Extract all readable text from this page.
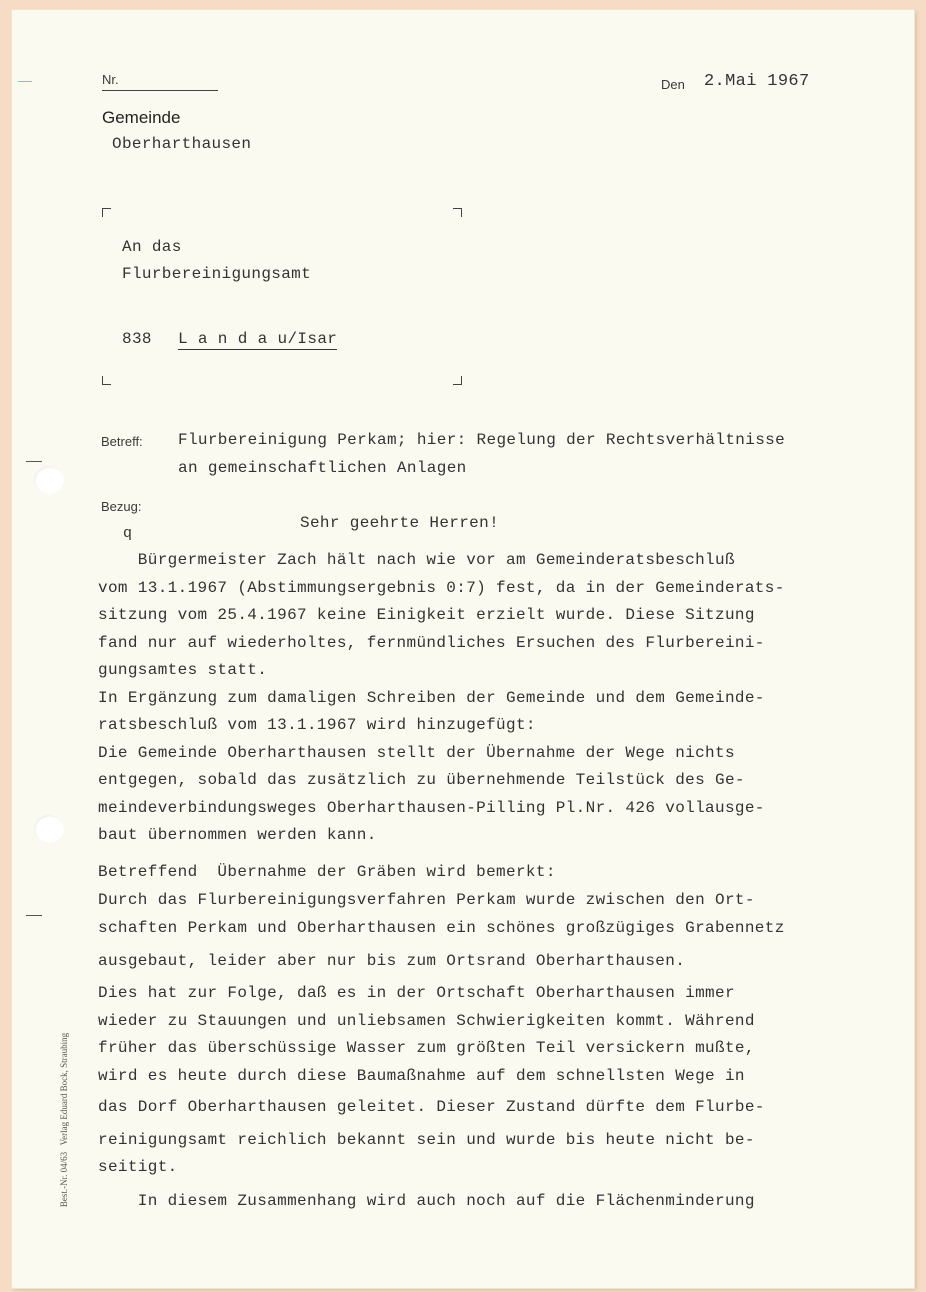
Nr.	Den 2.Mai 1967
Gemeinde
Oberharthausen
An das
Flurbereinigungsamt
838 L a n d a u/Isar
Betreff: Flurbereinigung Perkam; hier: Regelung der Rechtsverhältnisse
an gemeinschaftlichen Anlagen
Bezug:
q
Sehr geehrte Herren!
Bürgermeister Zach hält nach wie vor am Gemeinderatsbeschluß
vom 13.1.1967 (Abstimmungsergebnis 0:7) fest, da in der Gemeinderats-
sitzung vom 25.4.1967 keine Einigkeit erzielt wurde. Diese Sitzung
fand nur auf wiederholtes, fernmündliches Ersuchen des Flurbereini-
gungsamtes statt.
In Ergänzung zum damaligen Schreiben der Gemeinde und dem Gemeinde-
ratsbeschluß vom 13.1.1967 wird hinzugefügt:
Die Gemeinde Oberharthausen stellt der Übernahme der Wege nichts
entgegen, sobald das zusätzlich zu übernehmende Teilstück des Ge-
meindeverbindungsweges Oberharthausen-Pilling Pl.Nr. 426 vollausge-
baut übernommen werden kann.
Betreffend  Übernahme der Gräben wird bemerkt:
Durch das Flurbereinigungsverfahren Perkam wurde zwischen den Ort-
schaften Perkam und Oberharthausen ein schönes großzügiges Grabennetz
ausgebaut, leider aber nur bis zum Ortsrand Oberharthausen.
Dies hat zur Folge, daß es in der Ortschaft Oberharthausen immer
wieder zu Stauungen und unliebsamen Schwierigkeiten kommt. Während
früher das überschüssige Wasser zum größten Teil versickern mußte,
wird es heute durch diese Baumaßnahme auf dem schnellsten Wege in
das Dorf Oberharthausen geleitet. Dieser Zustand dürfte dem Flurbe-
reinigungsamt reichlich bekannt sein und wurde bis heute nicht be-
seitigt.
In diesem Zusammenhang wird auch noch auf die Flächenminderung
Best.-Nr. 04/63   Verlag Eduard Bock, Straubing
